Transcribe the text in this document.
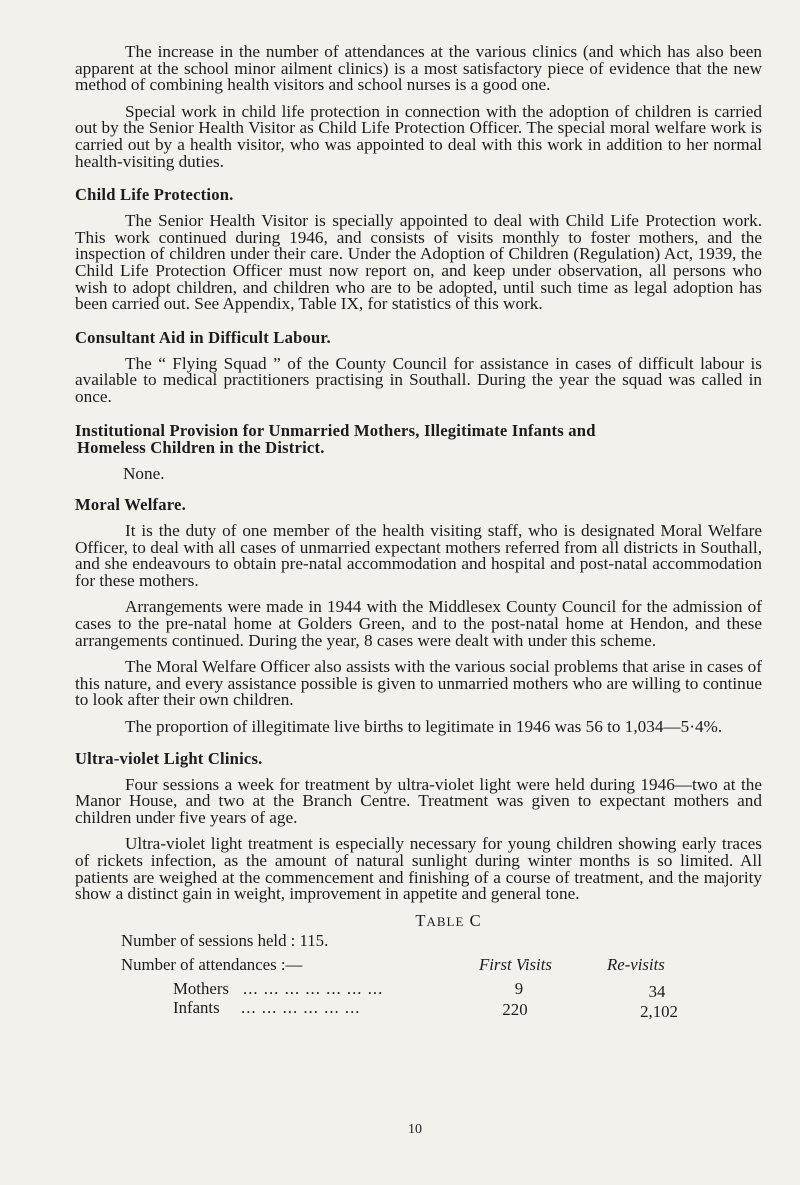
The increase in the number of attendances at the various clinics (and which has also been apparent at the school minor ailment clinics) is a most satisfactory piece of evidence that the new method of combining health visitors and school nurses is a good one.

Special work in child life protection in connection with the adoption of children is carried out by the Senior Health Visitor as Child Life Protection Officer. The special moral welfare work is carried out by a health visitor, who was appointed to deal with this work in addition to her normal health-visiting duties.

Child Life Protection.

The Senior Health Visitor is specially appointed to deal with Child Life Protection work. This work continued during 1946, and consists of visits monthly to foster mothers, and the inspection of children under their care. Under the Adoption of Children (Regulation) Act, 1939, the Child Life Protection Officer must now report on, and keep under observation, all persons who wish to adopt children, and children who are to be adopted, until such time as legal adoption has been carried out. See Appendix, Table IX, for statistics of this work.

Consultant Aid in Difficult Labour.

The “ Flying Squad ” of the County Council for assistance in cases of difficult labour is available to medical practitioners practising in Southall. During the year the squad was called in once.

Institutional Provision for Unmarried Mothers, Illegitimate Infants and
Homeless Children in the District.

None.

Moral Welfare.

It is the duty of one member of the health visiting staff, who is designated Moral Welfare Officer, to deal with all cases of unmarried expectant mothers referred from all districts in Southall, and she endeavours to obtain pre-natal accommodation and hospital and post-natal accommodation for these mothers.

Arrangements were made in 1944 with the Middlesex County Council for the admission of cases to the pre-natal home at Golders Green, and to the post-natal home at Hendon, and these arrangements continued. During the year, 8 cases were dealt with under this scheme.

The Moral Welfare Officer also assists with the various social problems that arise in cases of this nature, and every assistance possible is given to unmarried mothers who are willing to continue to look after their own children.

The proportion of illegitimate live births to legitimate in 1946 was 56 to 1,034—5·4%.

Ultra-violet Light Clinics.

Four sessions a week for treatment by ultra-violet light were held during 1946—two at the Manor House, and two at the Branch Centre. Treatment was given to expectant mothers and children under five years of age.

Ultra-violet light treatment is especially necessary for young children showing early traces of rickets infection, as the amount of natural sunlight during winter months is so limited. All patients are weighed at the commencement and finishing of a course of treatment, and the majority show a distinct gain in weight, improvement in appetite and general tone.

TABLE C
Number of sessions held : 115.
Number of attendances :—	First Visits	Re-visits
Mothers ... ... ... ... ... ... ...	9	34
Infants ... ... ... ... ... ...	220	2,102
10
